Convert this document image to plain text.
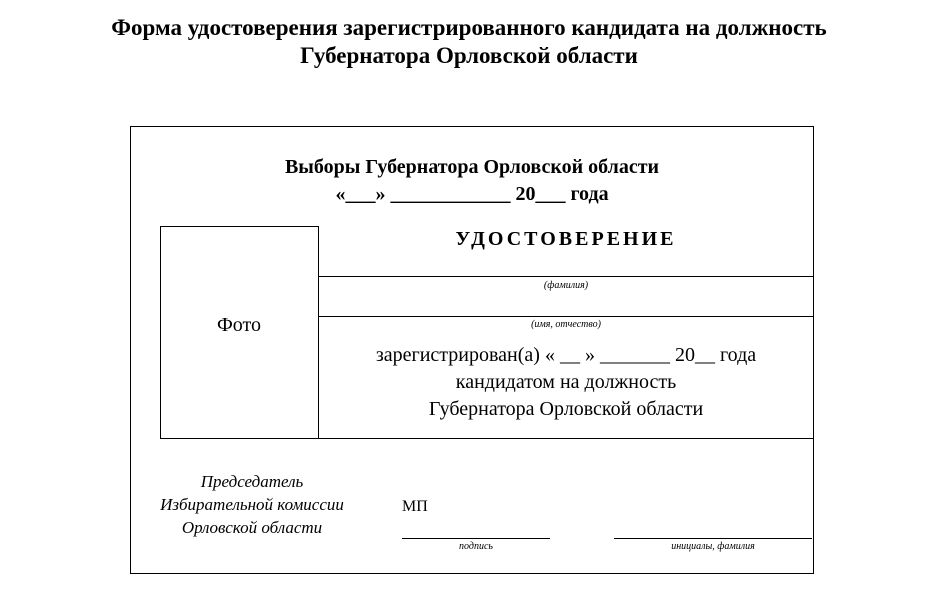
Форма удостоверения зарегистрированного кандидата на должность
Губернатора Орловской области
Выборы Губернатора Орловской области
«___» ____________ 20___ года
УДОСТОВЕРЕНИЕ
(фамилия)
(имя, отчество)
Фото
зарегистрирован(а) « __ » _______ 20__ года
кандидатом на должность
Губернатора Орловской области
Председатель
Избирательной комиссии
Орловской области
МП
подпись	инициалы, фамилия
